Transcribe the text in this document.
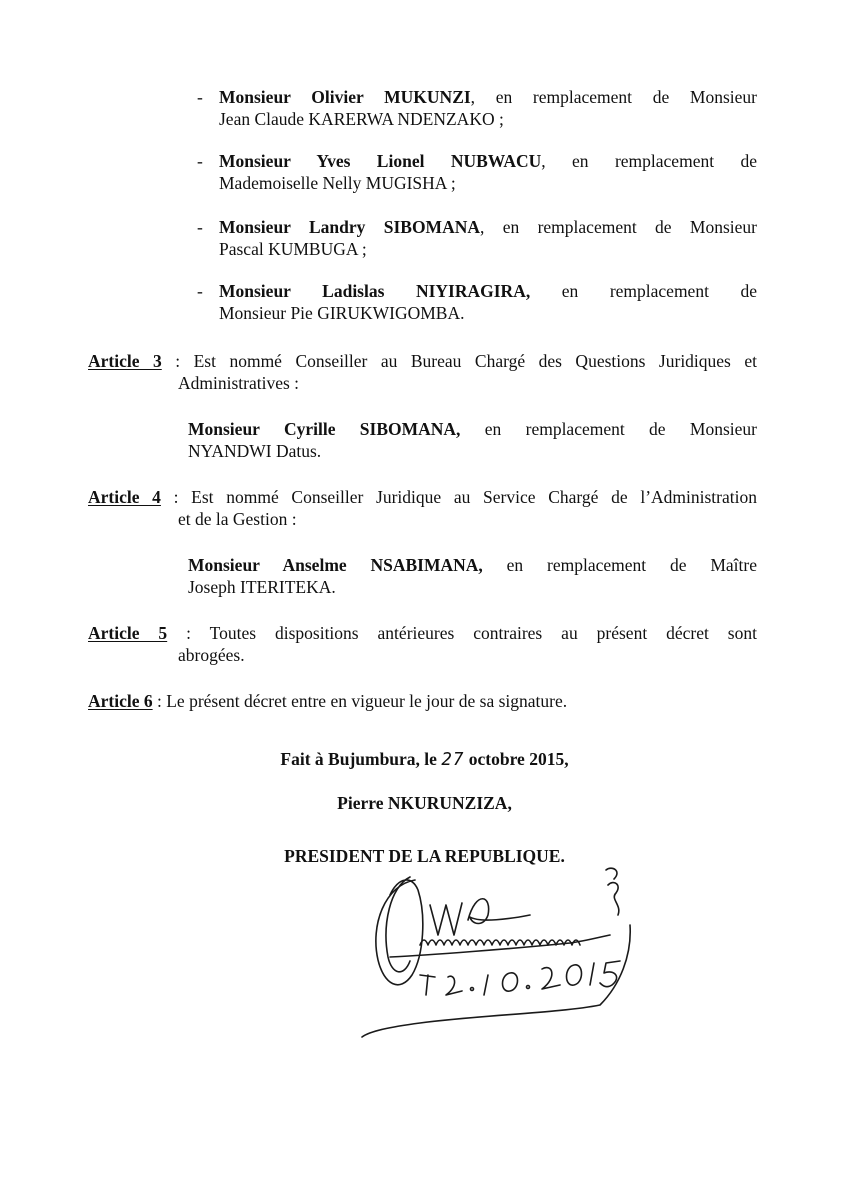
- Monsieur Olivier MUKUNZI, en remplacement de Monsieur
Jean Claude KARERWA NDENZAKO ;
- Monsieur Yves Lionel NUBWACU, en remplacement de
Mademoiselle Nelly MUGISHA ;
- Monsieur Landry SIBOMANA, en remplacement de Monsieur
Pascal KUMBUGA ;
- Monsieur Ladislas NIYIRAGIRA, en remplacement de
Monsieur Pie GIRUKWIGOMBA.
Article 3 : Est nommé Conseiller au Bureau Chargé des Questions Juridiques et
Administratives :
Monsieur Cyrille SIBOMANA, en remplacement de Monsieur
NYANDWI Datus.
Article 4 : Est nommé Conseiller Juridique au Service Chargé de l’Administration
et de la Gestion :
Monsieur Anselme NSABIMANA, en remplacement de Maître
Joseph ITERITEKA.
Article 5 : Toutes dispositions antérieures contraires au présent décret sont
abrogées.
Article 6 : Le présent décret entre en vigueur le jour de sa signature.
Fait à Bujumbura, le 27 octobre 2015,
Pierre NKURUNZIZA,
PRESIDENT DE LA REPUBLIQUE.
